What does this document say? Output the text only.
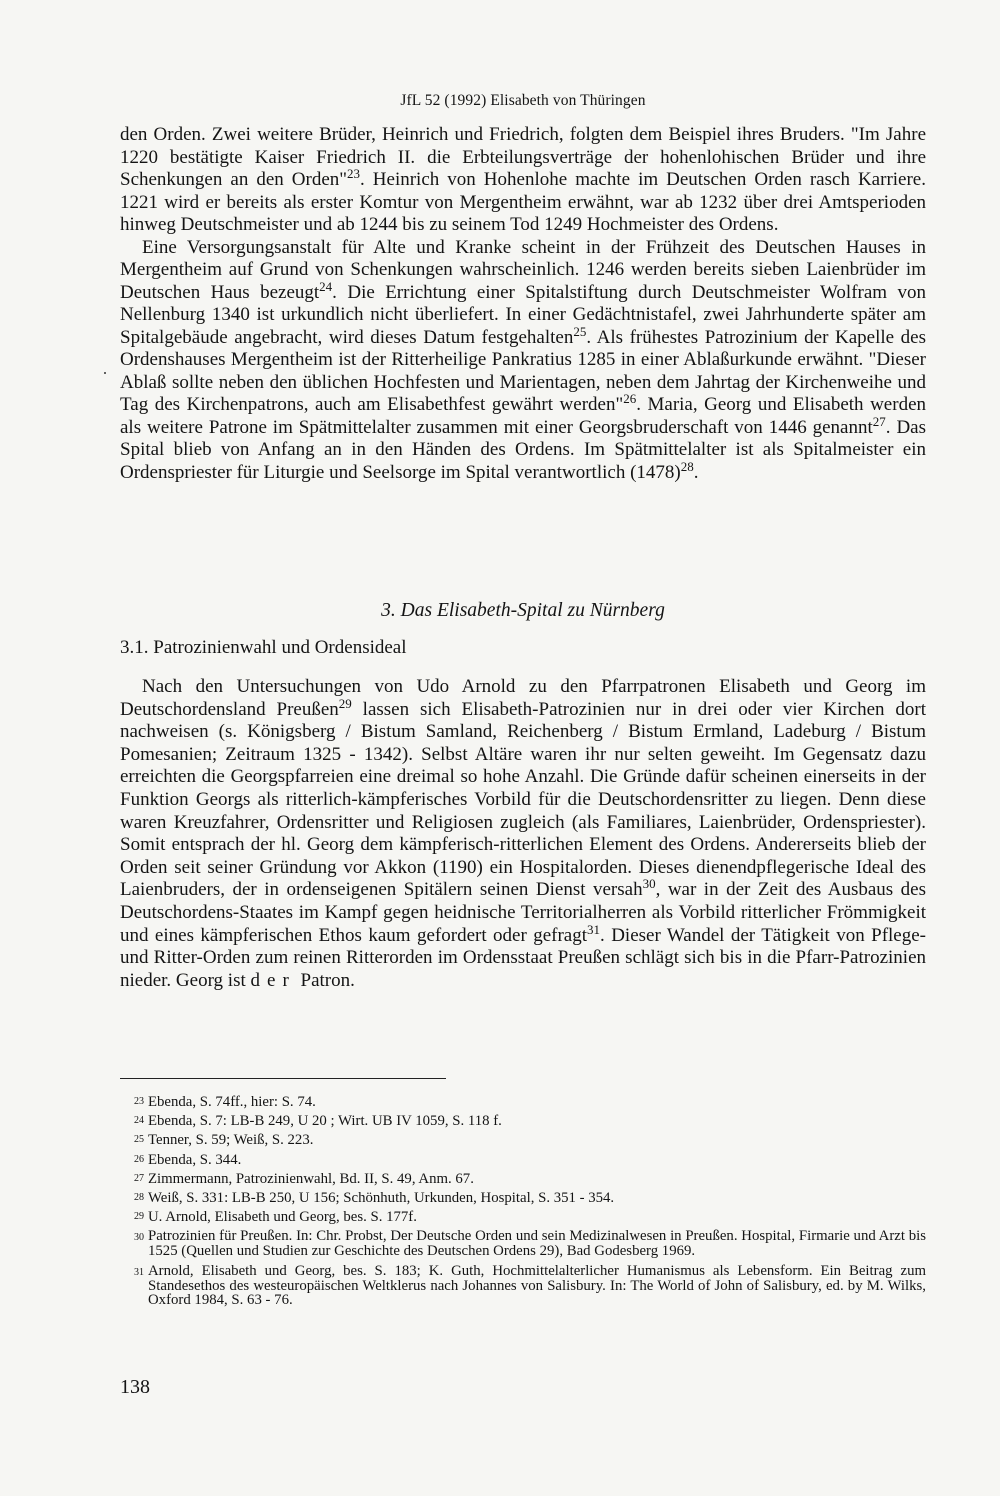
JfL 52 (1992) Elisabeth von Thüringen

den Orden. Zwei weitere Brüder, Heinrich und Friedrich, folgten dem Beispiel ihres Bruders. "Im Jahre 1220 bestätigte Kaiser Friedrich II. die Erbteilungsverträge der hohenlohischen Brüder und ihre Schenkungen an den Orden"$^{23}$. Heinrich von Hohenlohe machte im Deutschen Orden rasch Karriere. 1221 wird er bereits als erster Komtur von Mergentheim erwähnt, war ab 1232 über drei Amtsperioden hinweg Deutschmeister und ab 1244 bis zu seinem Tod 1249 Hochmeister des Ordens.

Eine Versorgungsanstalt für Alte und Kranke scheint in der Frühzeit des Deutschen Hauses in Mergentheim auf Grund von Schenkungen wahrscheinlich. 1246 werden bereits sieben Laienbrüder im Deutschen Haus bezeugt$^{24}$. Die Errichtung einer Spitalstiftung durch Deutschmeister Wolfram von Nellenburg 1340 ist urkundlich nicht überliefert. In einer Gedächtnistafel, zwei Jahrhunderte später am Spitalgebäude angebracht, wird dieses Datum festgehalten$^{25}$. Als frühestes Patrozinium der Kapelle des Ordenshauses Mergentheim ist der Ritterheilige Pankratius 1285 in einer Ablaßurkunde erwähnt. "Dieser Ablaß sollte neben den üblichen Hochfesten und Marientagen, neben dem Jahrtag der Kirchenweihe und Tag des Kirchenpatrons, auch am Elisabethfest gewährt werden"$^{26}$. Maria, Georg und Elisabeth werden als weitere Patrone im Spätmittelalter zusammen mit einer Georgsbruderschaft von 1446 genannt$^{27}$. Das Spital blieb von Anfang an in den Händen des Ordens. Im Spätmittelalter ist als Spitalmeister ein Ordenspriester für Liturgie und Seelsorge im Spital verantwortlich $(1478)^{28}$.

3. Das Elisabeth-Spital zu Nürnberg
3.1. Patrozinienwahl und Ordensideal

Nach den Untersuchungen von Udo Arnold zu den Pfarrpatronen Elisabeth und Georg im Deutschordensland Preußen$^{29}$ lassen sich Elisabeth-Patrozinien nur in drei oder vier Kirchen dort nachweisen (s. Königsberg / Bistum Samland, Reichenberg / Bistum Ermland, Ladeburg / Bistum Pomesanien; Zeitraum 1325 - 1342). Selbst Altäre waren ihr nur selten geweiht. Im Gegensatz dazu erreichten die Georgspfarreien eine dreimal so hohe Anzahl. Die Gründe dafür scheinen einerseits in der Funktion Georgs als ritterlich-kämpferisches Vorbild für die Deutschordensritter zu liegen. Denn diese waren Kreuzfahrer, Ordensritter und Religiosen zugleich (als Familiares, Laienbrüder, Ordenspriester). Somit entsprach der hl. Georg dem kämpferisch-ritterlichen Element des Ordens. Andererseits blieb der Orden seit seiner Gründung vor Akkon (1190) ein Hospitalorden. Dieses dienendpflegerische Ideal des Laienbruders, der in ordenseigenen Spitälern seinen Dienst versah$^{30}$, war in der Zeit des Ausbaus des Deutschordens-Staates im Kampf gegen heidnische Territorialherren als Vorbild ritterlicher Frömmigkeit und eines kämpferischen Ethos kaum gefordert oder gefragt$^{31}$. Dieser Wandel der Tätigkeit von Pflege- und Ritter-Orden zum reinen Ritterorden im Ordensstaat Preußen schlägt sich bis in die Pfarr-Patrozinien nieder. Georg ist der Patron.

23 Ebenda, S. 74ff., hier: S. 74.
24 Ebenda, S. 7: LB-B 249, U 20 ; Wirt. UB IV 1059, S. 118 f.
25 Tenner, S. 59; Weiß, S. 223.
26 Ebenda, S. 344.
27 Zimmermann, Patrozinienwahl, Bd. II, S. 49, Anm. 67.
28 Weiß, S. 331: LB-B 250, U 156; Schönhuth, Urkunden, Hospital, S. 351 - 354.
29 U. Arnold, Elisabeth und Georg, bes. S. 177f.
30 Patrozinien für Preußen. In: Chr. Probst, Der Deutsche Orden und sein Medizinalwesen in Preußen. Hospital, Firmarie und Arzt bis 1525 (Quellen und Studien zur Geschichte des Deutschen Ordens 29), Bad Godesberg 1969.
31 Arnold, Elisabeth und Georg, bes. S. 183; K. Guth, Hochmittelalterlicher Humanismus als Lebensform. Ein Beitrag zum Standesethos des westeuropäischen Weltklerus nach Johannes von Salisbury. In: The World of John of Salisbury, ed. by M. Wilks, Oxford 1984, S. 63 - 76.
138
